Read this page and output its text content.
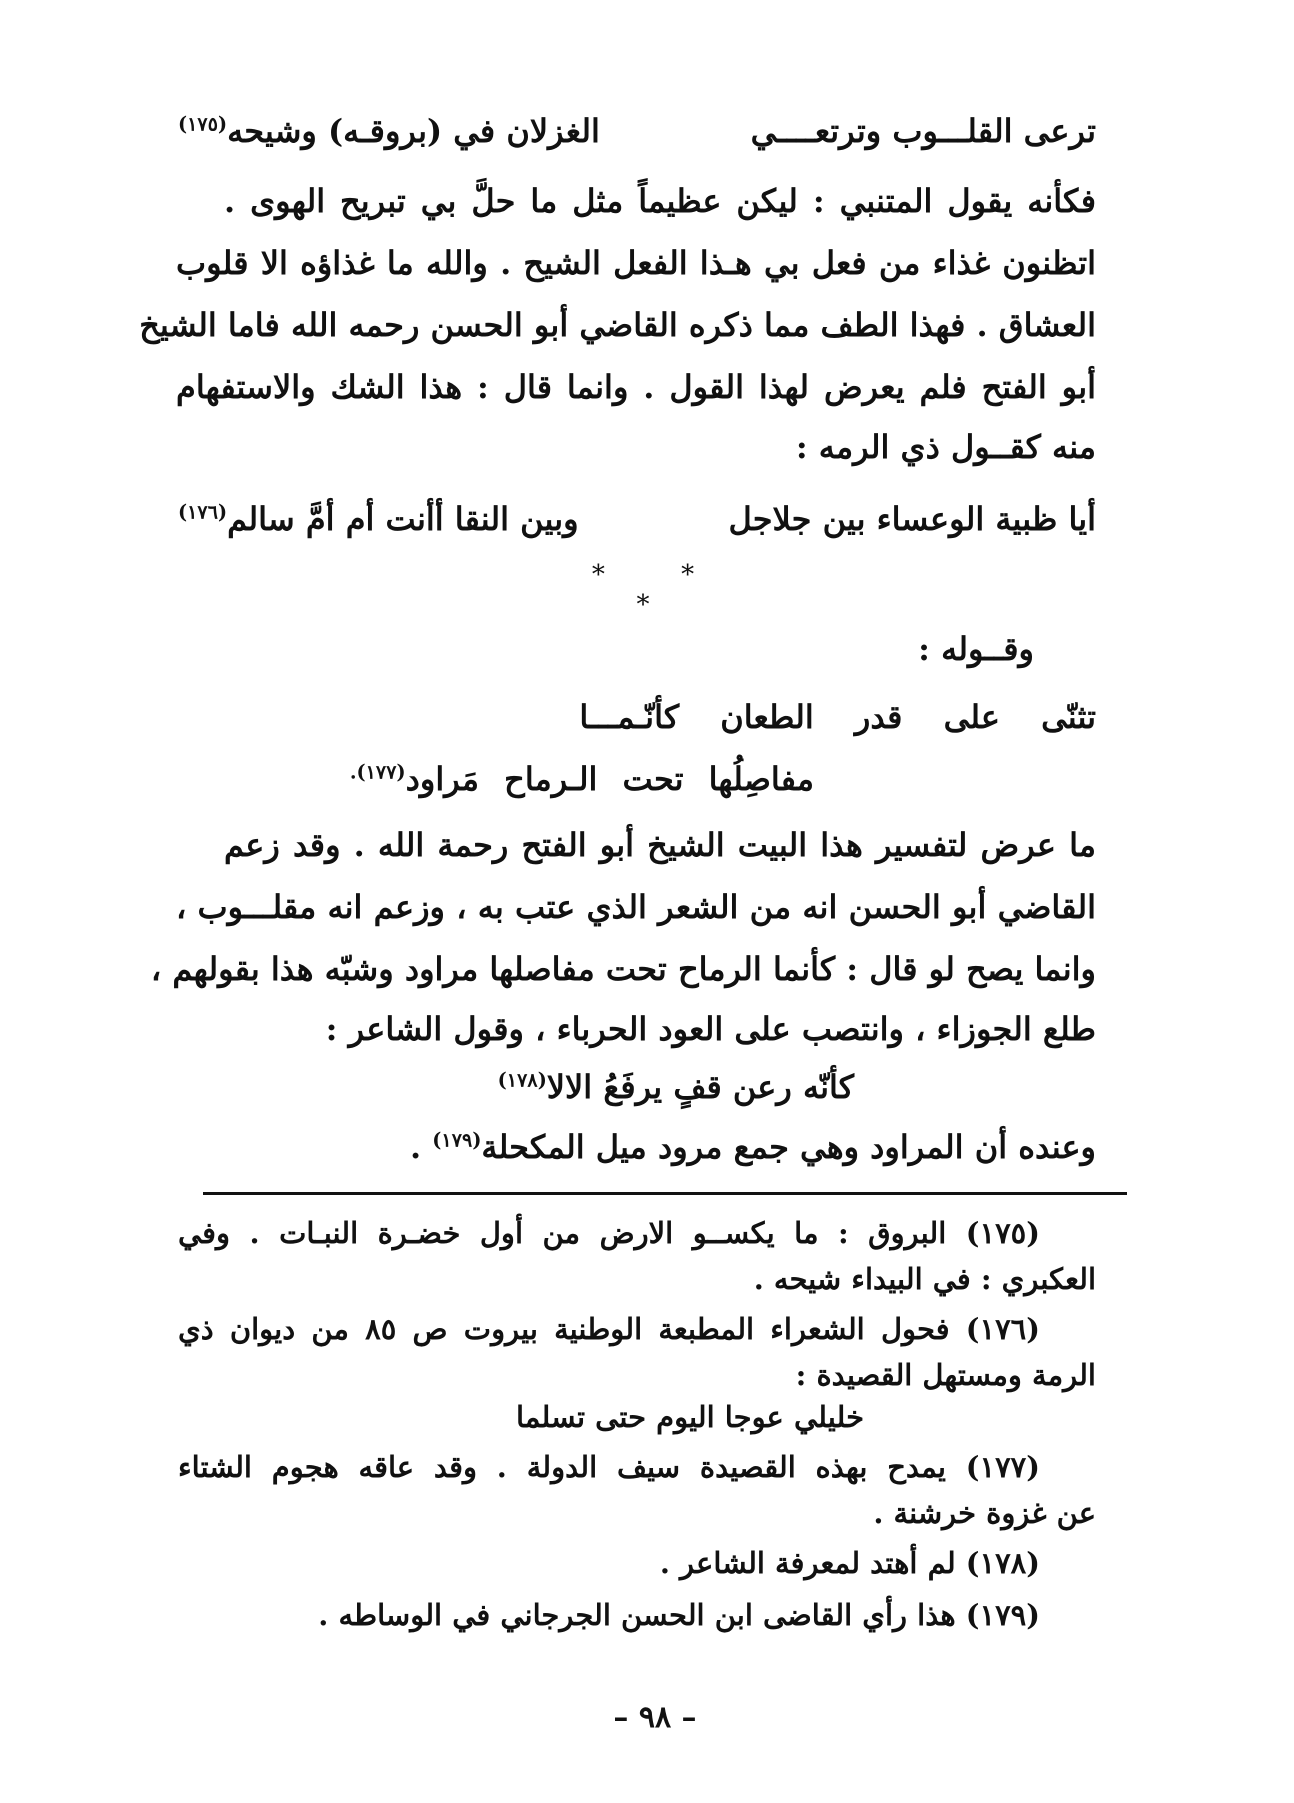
ترعى القلـــوب وترتعــــي
الغزلان في (بروقـه) وشيحه$^{(١٧٥)}$
فكأنه يقول المتنبي : ليكن عظيماً مثل ما حلَّ بي تبريح الهوى .
اتظنون غذاء من فعل بي هـذا الفعل الشيح . والله ما غذاؤه الا قلوب
العشاق . فهذا الطف مما ذكره القاضي أبو الحسن رحمه الله فاما الشيخ
أبو الفتح فلم يعرض لهذا القول . وانما قال : هذا الشك والاستفهام
منه كقــول ذي الرمه :
أيا ظبية الوعساء بين جلاجل
وبين النقا أأنت أم أمَّ سالم$^{(١٧٦)}$
* * *
وقــوله :
تثنّى على قدر الطعان كأنّـمـــا
مفاصِلُها تحت الـرماح مَراود$^{(١٧٧).}$
ما عرض لتفسير هذا البيت الشيخ أبو الفتح رحمة الله . وقد زعم
القاضي أبو الحسن انه من الشعر الذي عتب به ، وزعم انه مقلـــوب ،
وانما يصح لو قال : كأنما الرماح تحت مفاصلها مراود وشبّه هذا بقولهم ،
طلع الجوزاء ، وانتصب على العود الحرباء ، وقول الشاعر :
كأنّه رعن قفٍ يرفَعُ الالا$^{(١٧٨)}$
وعنده أن المراود وهي جمع مرود ميل المكحلة$^{(١٧٩)}$ .
(١٧٥) البروق : ما يكســو الارض من أول خضـرة النبـات . وفي
العكبري : في البيداء شيحه .
(١٧٦) فحول الشعراء المطبعة الوطنية بيروت ص ٨٥ من ديوان ذي
الرمة ومستهل القصيدة :
خليلي عوجا اليوم حتى تسلما
(١٧٧) يمدح بهذه القصيدة سيف الدولة . وقد عاقه هجوم الشتاء
عن غزوة خرشنة .
(١٧٨) لم أهتد لمعرفة الشاعر .
(١٧٩) هذا رأي القاضى ابن الحسن الجرجاني في الوساطه .
– ٩٨ –
